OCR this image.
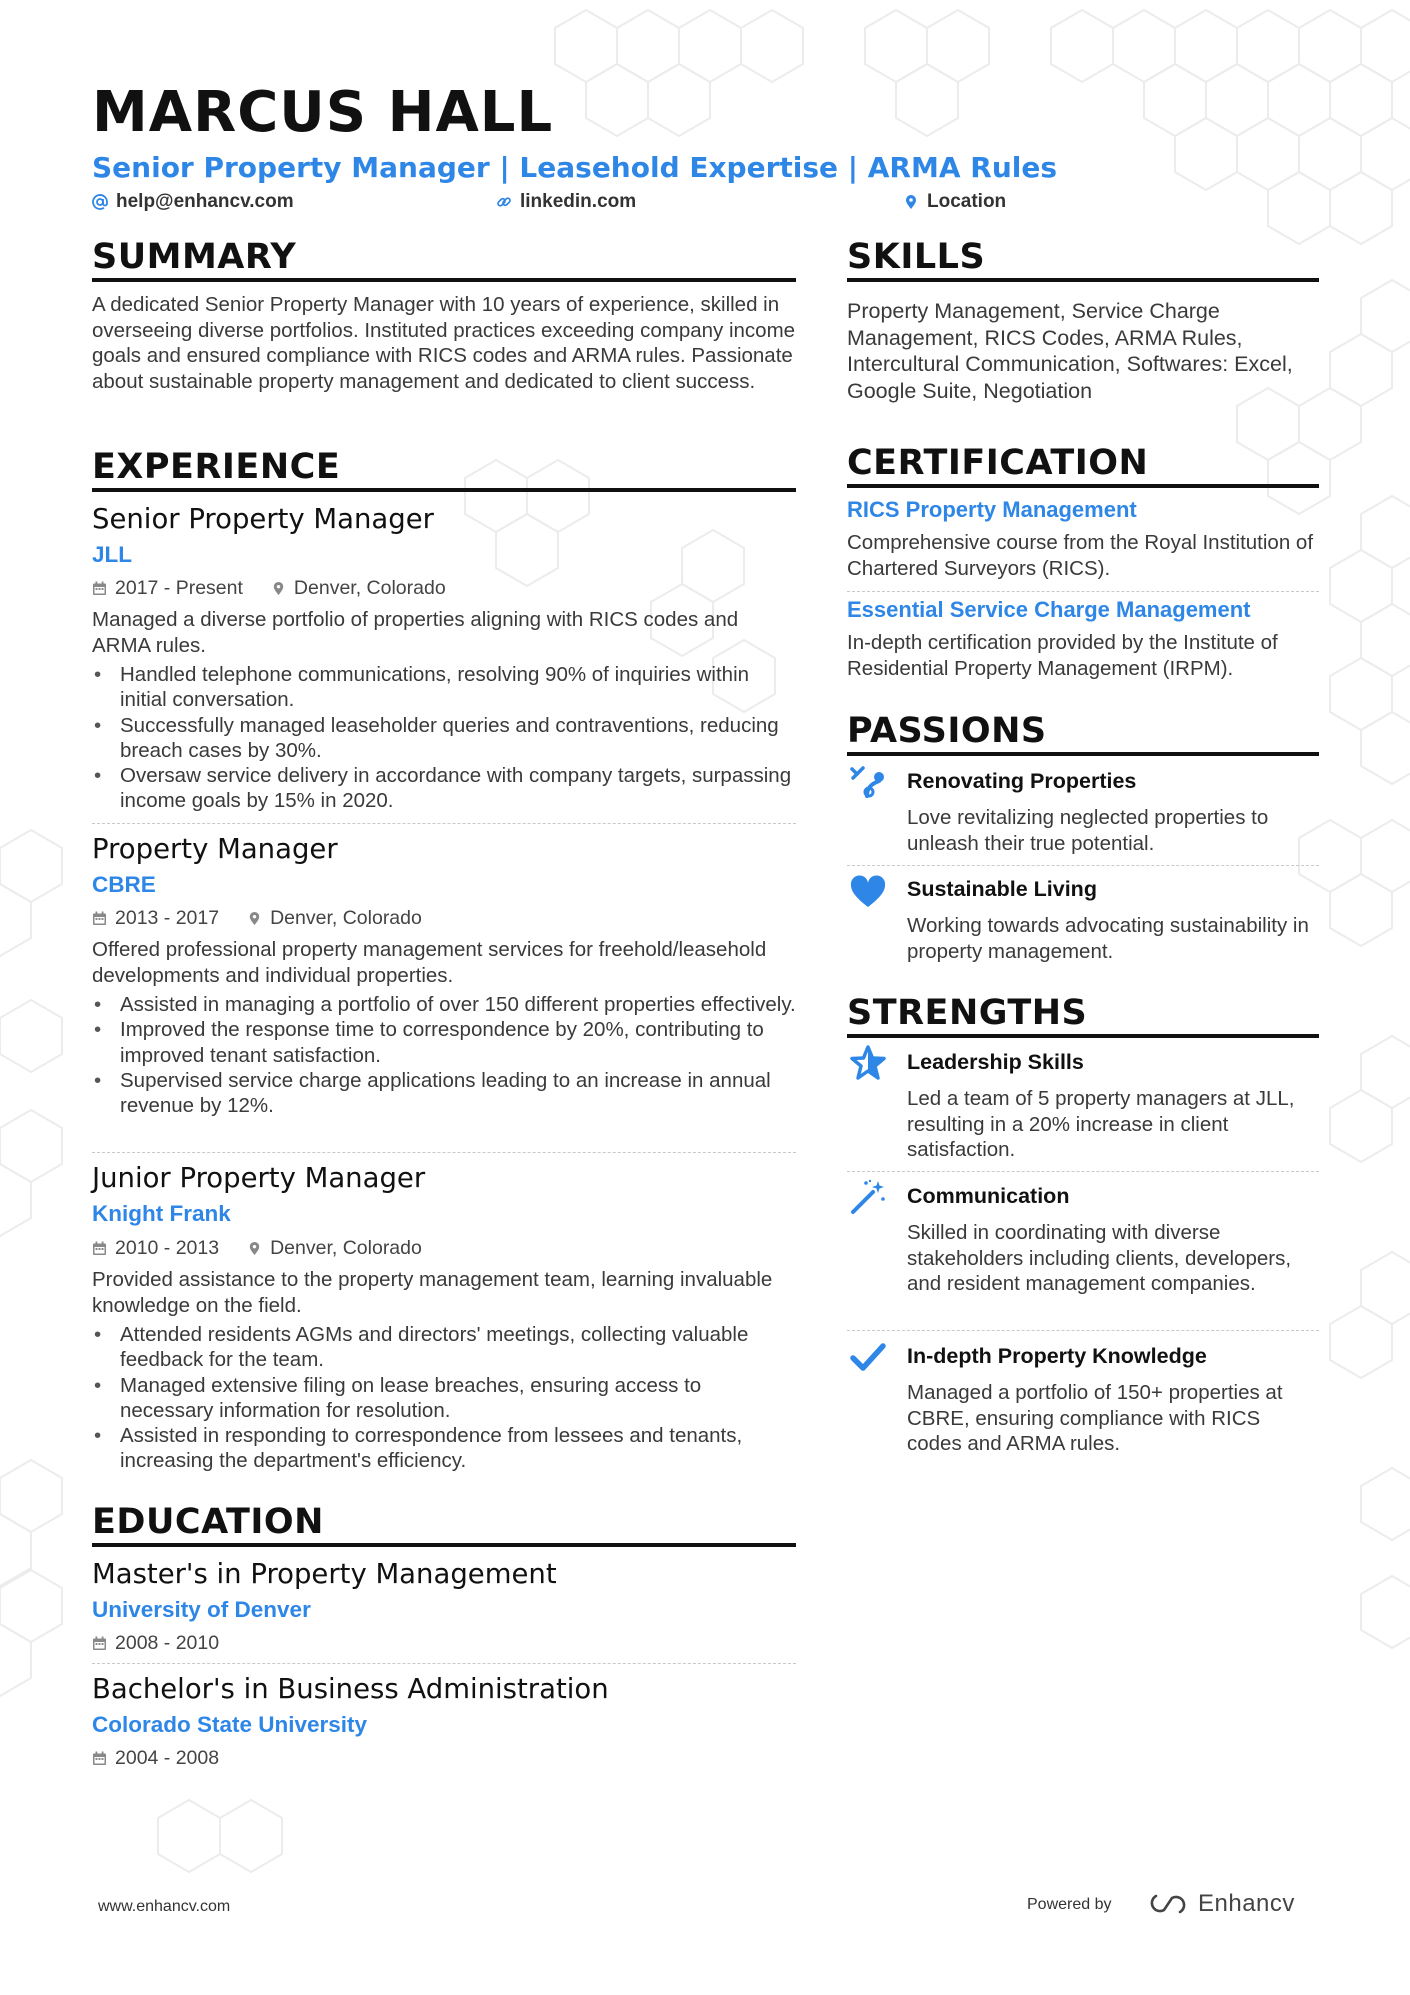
MARCUS HALL
Senior Property Manager | Leasehold Expertise | ARMA Rules
help@enhancv.com	linkedin.com	Location
SUMMARY

A dedicated Senior Property Manager with 10 years of experience, skilled in overseeing diverse portfolios. Instituted practices exceeding company income goals and ensured compliance with RICS codes and ARMA rules. Passionate about sustainable property management and dedicated to client success.

EXPERIENCE
Senior Property Manager
JLL
2017 - Present	Denver, Colorado

Managed a diverse portfolio of properties aligning with RICS codes and ARMA rules.

• Handled telephone communications, resolving 90% of inquiries within initial conversation.
• Successfully managed leaseholder queries and contraventions, reducing breach cases by 30%.
• Oversaw service delivery in accordance with company targets, surpassing income goals by 15% in 2020.
Property Manager
CBRE
2013 - 2017	Denver, Colorado

Offered professional property management services for freehold/leasehold developments and individual properties.

• Assisted in managing a portfolio of over 150 different properties effectively.
• Improved the response time to correspondence by 20%, contributing to improved tenant satisfaction.
• Supervised service charge applications leading to an increase in annual revenue by 12%.
Junior Property Manager
Knight Frank
2010 - 2013	Denver, Colorado

Provided assistance to the property management team, learning invaluable knowledge on the field.

• Attended residents AGMs and directors' meetings, collecting valuable feedback for the team.
• Managed extensive filing on lease breaches, ensuring access to necessary information for resolution.
• Assisted in responding to correspondence from lessees and tenants, increasing the department's efficiency.
EDUCATION
Master's in Property Management
University of Denver
2008 - 2010
Bachelor's in Business Administration
Colorado State University
2004 - 2008
SKILLS

Property Management, Service Charge Management, RICS Codes, ARMA Rules, Intercultural Communication, Softwares: Excel, Google Suite, Negotiation

CERTIFICATION
RICS Property Management

Comprehensive course from the Royal Institution of Chartered Surveyors (RICS).

Essential Service Charge Management

In-depth certification provided by the Institute of Residential Property Management (IRPM).

PASSIONS
Renovating Properties

Love revitalizing neglected properties to unleash their true potential.

Sustainable Living

Working towards advocating sustainability in property management.

STRENGTHS
Leadership Skills

Led a team of 5 property managers at JLL, resulting in a 20% increase in client satisfaction.

Communication

Skilled in coordinating with diverse stakeholders including clients, developers, and resident management companies.

In-depth Property Knowledge

Managed a portfolio of 150+ properties at CBRE, ensuring compliance with RICS codes and ARMA rules.

www.enhancv.com	Powered by	Enhancv
